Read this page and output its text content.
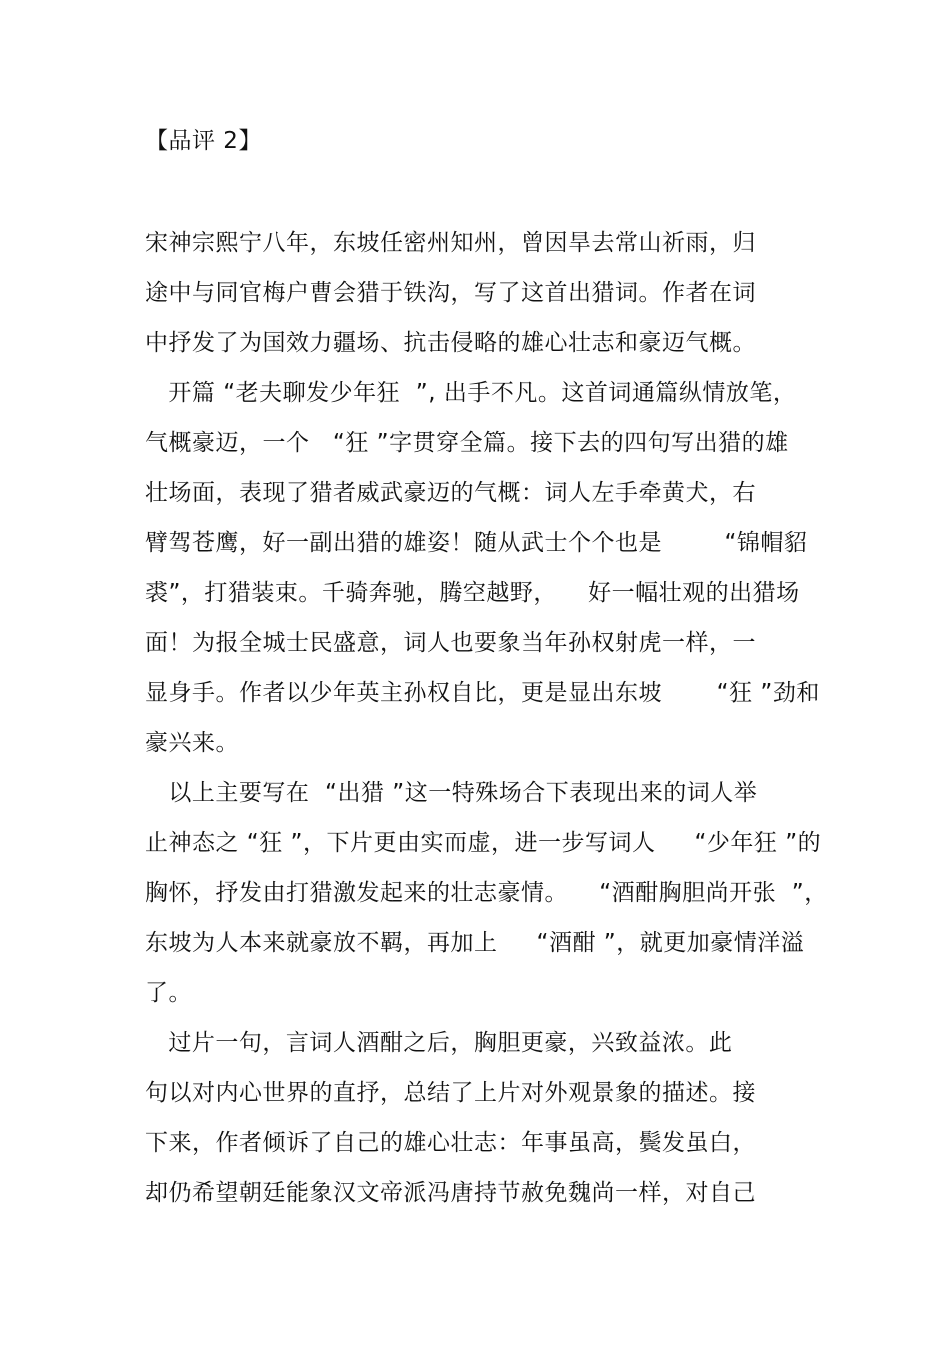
【品评 2】
宋神宗熙宁八年，东坡任密州知州，曾因旱去常山祈雨，归
途中与同官梅户曹会猎于铁沟，写了这首出猎词。作者在词
中抒发了为国效力疆场、抗击侵略的雄心壮志和豪迈气概。
开篇 “老夫聊发少年狂  ”, 出手不凡。这首词通篇纵情放笔，
气概豪迈，一个   “狂 ”字贯穿全篇。接下去的四句写出猎的雄
壮场面，表现了猎者威武豪迈的气概：词人左手牵黄犬，右
臂驾苍鹰，好一副出猎的雄姿！随从武士个个也是        “锦帽貂
裘”，打猎装束。千骑奔驰，腾空越野，    好一幅壮观的出猎场
面！为报全城士民盛意，词人也要象当年孙权射虎一样，一
显身手。作者以少年英主孙权自比，更是显出东坡       “狂 ”劲和
豪兴来。
以上主要写在  “出猎 ”这一特殊场合下表现出来的词人举
止神态之 “狂 ”，下片更由实而虚，进一步写词人     “少年狂 ”的
胸怀，抒发由打猎激发起来的壮志豪情。    “酒酣胸胆尚开张  ”，
东坡为人本来就豪放不羁，再加上     “酒酣 ”，就更加豪情洋溢
了。
过片一句，言词人酒酣之后，胸胆更豪，兴致益浓。此
句以对内心世界的直抒，总结了上片对外观景象的描述。接
下来，作者倾诉了自己的雄心壮志：年事虽高，鬓发虽白，
却仍希望朝廷能象汉文帝派冯唐持节赦免魏尚一样，对自己
